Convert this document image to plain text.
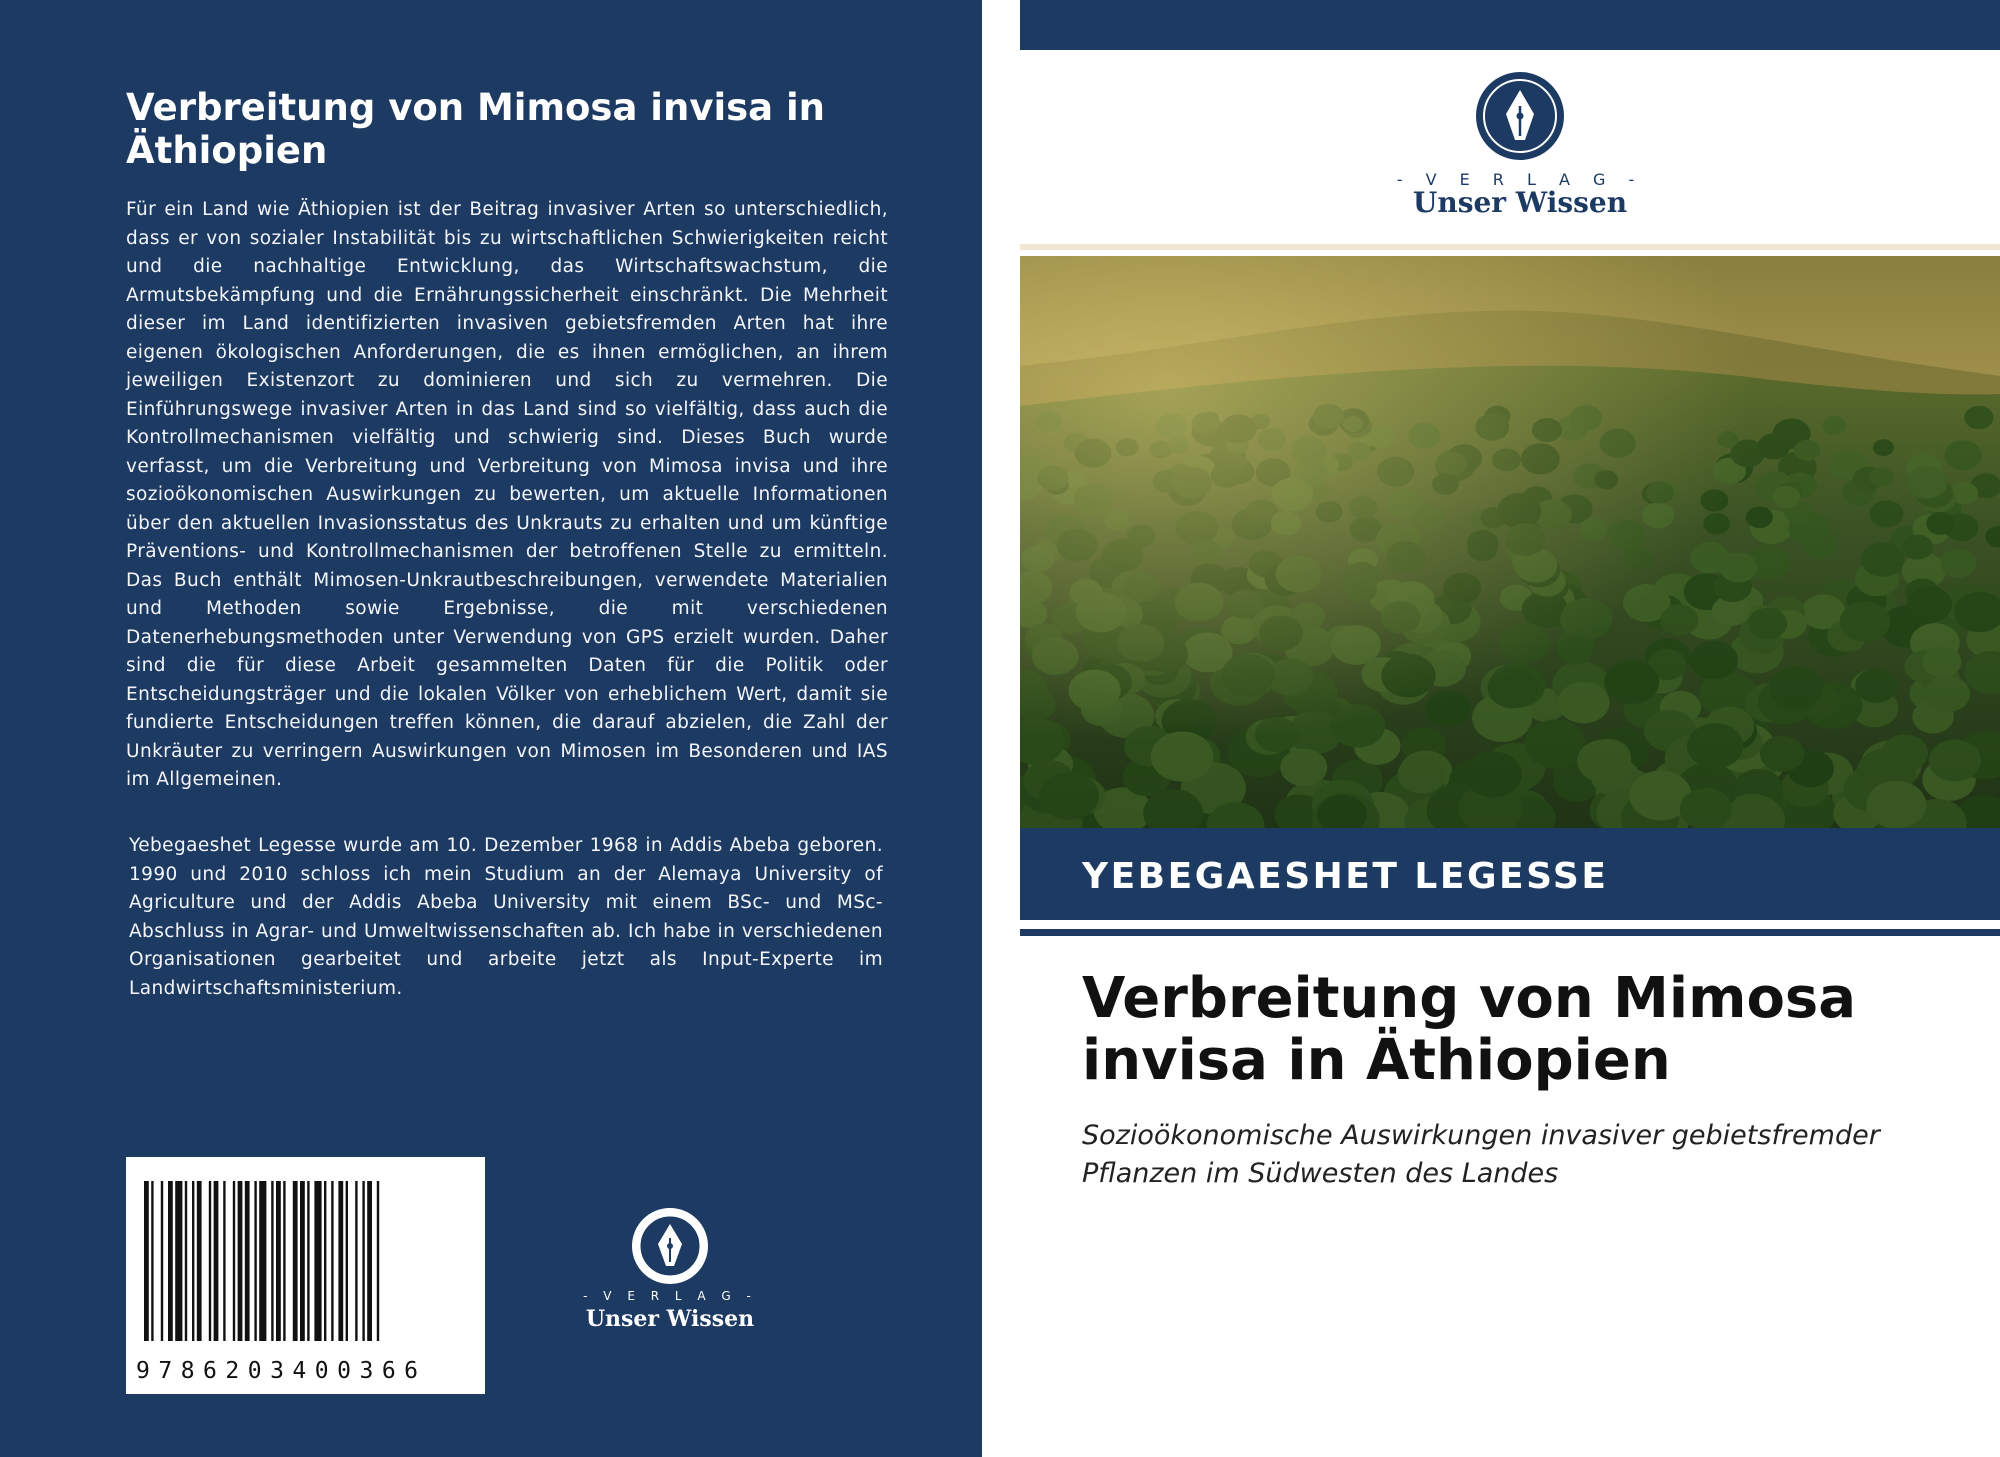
Verbreitung von Mimosa invisa in Äthiopien

Für ein Land wie Äthiopien ist der Beitrag invasiver Arten so unterschiedlich, dass er von sozialer Instabilität bis zu wirtschaftlichen Schwierigkeiten reicht und die nachhaltige Entwicklung, das Wirtschaftswachstum, die Armutsbekämpfung und die Ernährungssicherheit einschränkt. Die Mehrheit dieser im Land identifizierten invasiven gebietsfremden Arten hat ihre eigenen ökologischen Anforderungen, die es ihnen ermöglichen, an ihrem jeweiligen Existenzort zu dominieren und sich zu vermehren. Die Einführungswege invasiver Arten in das Land sind so vielfältig, dass auch die Kontrollmechanismen vielfältig und schwierig sind. Dieses Buch wurde verfasst, um die Verbreitung und Verbreitung von Mimosa invisa und ihre sozioökonomischen Auswirkungen zu bewerten, um aktuelle Informationen über den aktuellen Invasionsstatus des Unkrauts zu erhalten und um künftige Präventions- und Kontrollmechanismen der betroffenen Stelle zu ermitteln. Das Buch enthält Mimosen-Unkrautbeschreibungen, verwendete Materialien und Methoden sowie Ergebnisse, die mit verschiedenen Datenerhebungsmethoden unter Verwendung von GPS erzielt wurden. Daher sind die für diese Arbeit gesammelten Daten für die Politik oder Entscheidungsträger und die lokalen Völker von erheblichem Wert, damit sie fundierte Entscheidungen treffen können, die darauf abzielen, die Zahl der Unkräuter zu verringern Auswirkungen von Mimosen im Besonderen und IAS im Allgemeinen.

Yebegaeshet Legesse wurde am 10. Dezember 1968 in Addis Abeba geboren. 1990 und 2010 schloss ich mein Studium an der Alemaya University of Agriculture und der Addis Abeba University mit einem BSc- und MSc-Abschluss in Agrar- und Umweltwissenschaften ab. Ich habe in verschiedenen Organisationen gearbeitet und arbeite jetzt als Input-Experte im Landwirtschaftsministerium.

9786203400366
- V E R L A G -
Unser Wissen
- V E R L A G -
Unser Wissen
YEBEGAESHET LEGESSE
Verbreitung von Mimosa invisa in Äthiopien

Sozioökonomische Auswirkungen invasiver gebietsfremder Pflanzen im Südwesten des Landes
